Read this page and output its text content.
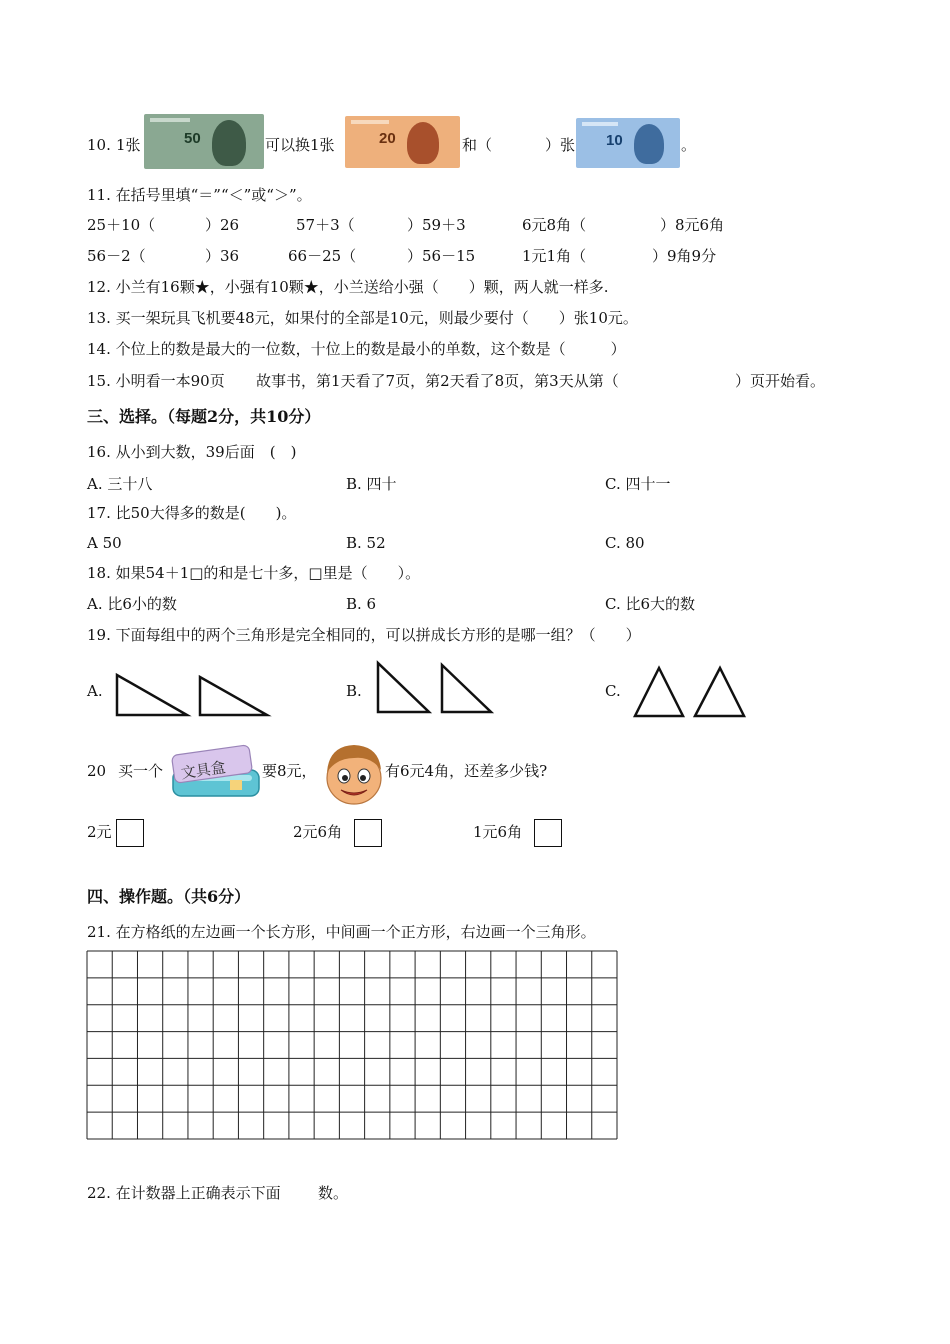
10. 1张	50	可以换1张	20	和（	）张 10	。
11. 在括号里填“＝”“＜”或“＞”。
25＋10（	）26	57＋3（	）59＋3	6元8角（	）8元6角
56－2（	）36	66－25（	）56－15	1元1角（	）9角9分
12. 小兰有16颗★，小强有10颗★，小兰送给小强（　　）颗，两人就一样多.
13. 买一架玩具飞机要48元，如果付的全部是10元，则最少要付（　　）张10元。
14. 个位上的数是最大的一位数，十位上的数是最小的单数，这个数是（　　　）
15. 小明看一本90页 故事书，第1天看了7页，第2天看了8页，第3天从第（	）页开始看。
三、选择。（每题2分，共10分）
16. 从小到大数，39后面　(　)
A. 三十八	B. 四十	C. 四十一
17. 比50大得多的数是(　　)。
A 50	B. 52	C. 80
18. 如果54＋1□的和是七十多，□里是（　　）。
A. 比6小的数	B. 6	C. 比6大的数
19. 下面每组中的两个三角形是完全相同的，可以拼成长方形的是哪一组？（　　）
A.	B.	C.
20 买一个 文具盒 要8元，	有6元4角，还差多少钱?
2元	2元6角	1元6角
四、操作题。（共6分）
21. 在方格纸的左边画一个长方形，中间画一个正方形，右边画一个三角形。
22. 在计数器上正确表示下面 数。
